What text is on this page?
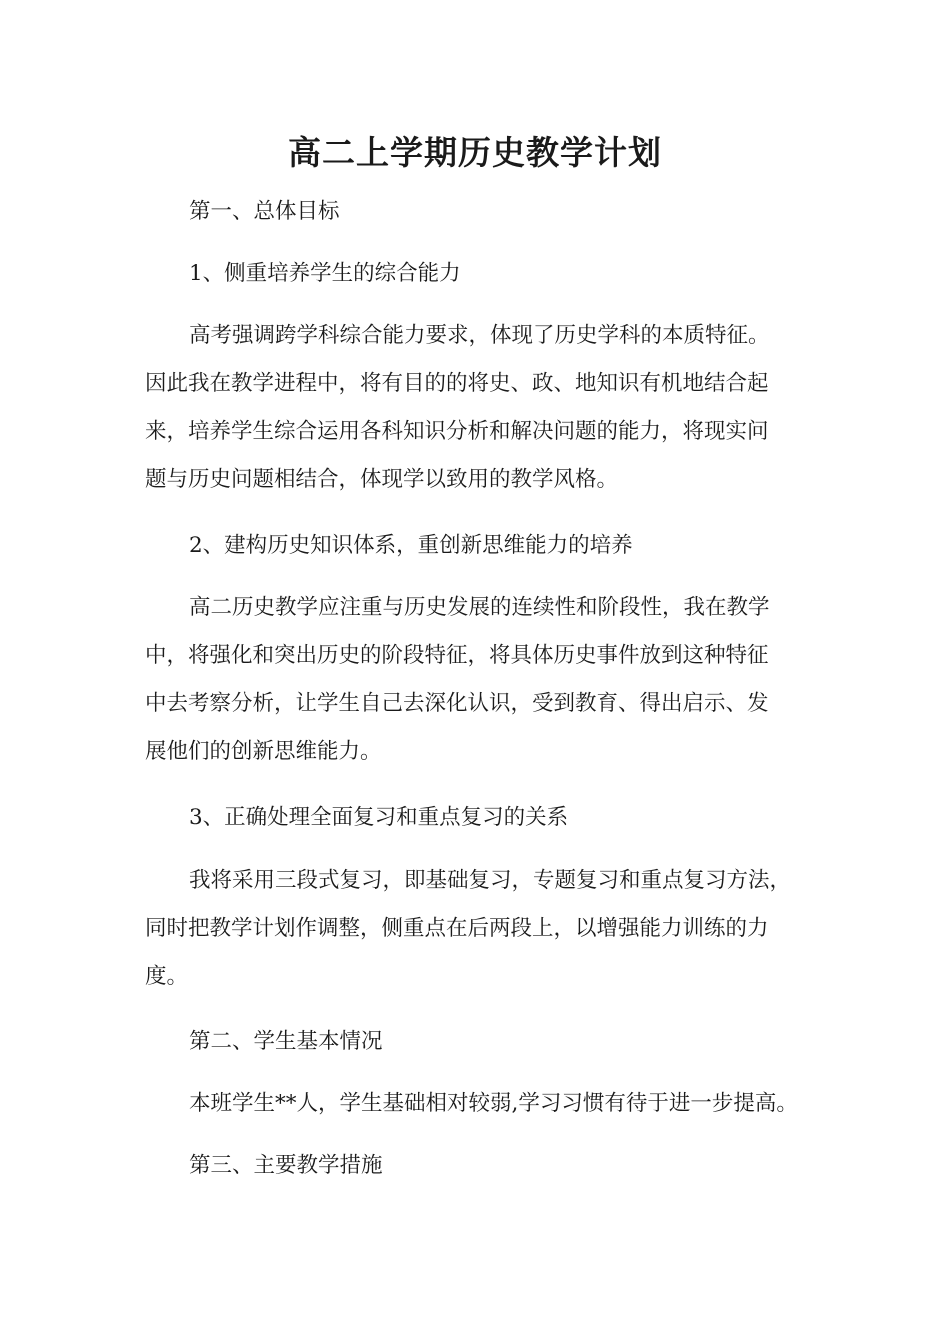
高二上学期历史教学计划

第一、总体目标

1、侧重培养学生的综合能力

高考强调跨学科综合能力要求，体现了历史学科的本质特征。
因此我在教学进程中，将有目的的将史、政、地知识有机地结合起
来，培养学生综合运用各科知识分析和解决问题的能力，将现实问
题与历史问题相结合，体现学以致用的教学风格。

2、建构历史知识体系，重创新思维能力的培养

高二历史教学应注重与历史发展的连续性和阶段性，我在教学
中，将强化和突出历史的阶段特征，将具体历史事件放到这种特征
中去考察分析，让学生自己去深化认识，受到教育、得出启示、发
展他们的创新思维能力。

3、正确处理全面复习和重点复习的关系

我将采用三段式复习，即基础复习，专题复习和重点复习方法，
同时把教学计划作调整，侧重点在后两段上，以增强能力训练的力
度。

第二、学生基本情况

本班学生**人，学生基础相对较弱,学习习惯有待于进一步提高。

第三、主要教学措施
